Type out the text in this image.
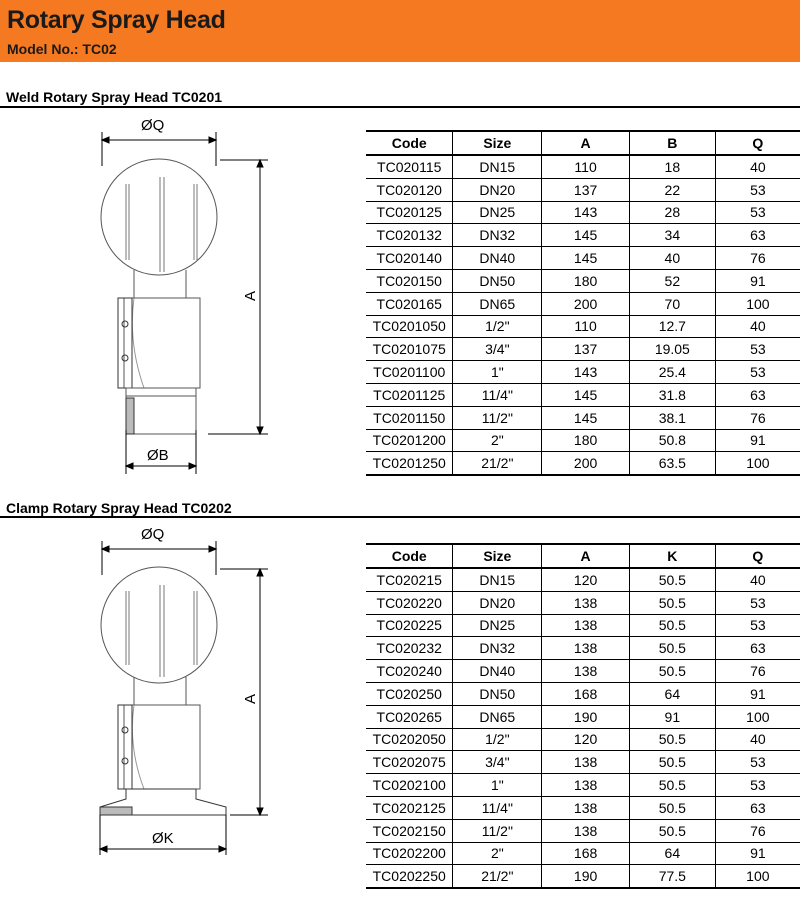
Rotary Spray Head
Model No.: TC02
Weld Rotary Spray Head TC0201
ØQ
A
ØB
Code	Size	A	B	Q
TC020115	DN15	110	18	40
TC020120	DN20	137	22	53
TC020125	DN25	143	28	53
TC020132	DN32	145	34	63
TC020140	DN40	145	40	76
TC020150	DN50	180	52	91
TC020165	DN65	200	70	100
TC0201050	1/2"	110	12.7	40
TC0201075	3/4"	137	19.05	53
TC0201100	1"	143	25.4	53
TC0201125	11/4"	145	31.8	63
TC0201150	11/2"	145	38.1	76
TC0201200	2"	180	50.8	91
TC0201250	21/2"	200	63.5	100
Clamp Rotary Spray Head TC0202
ØQ
A
ØK
Code	Size	A	K	Q
TC020215	DN15	120	50.5	40
TC020220	DN20	138	50.5	53
TC020225	DN25	138	50.5	53
TC020232	DN32	138	50.5	63
TC020240	DN40	138	50.5	76
TC020250	DN50	168	64	91
TC020265	DN65	190	91	100
TC0202050	1/2"	120	50.5	40
TC0202075	3/4"	138	50.5	53
TC0202100	1"	138	50.5	53
TC0202125	11/4"	138	50.5	63
TC0202150	11/2"	138	50.5	76
TC0202200	2"	168	64	91
TC0202250	21/2"	190	77.5	100
